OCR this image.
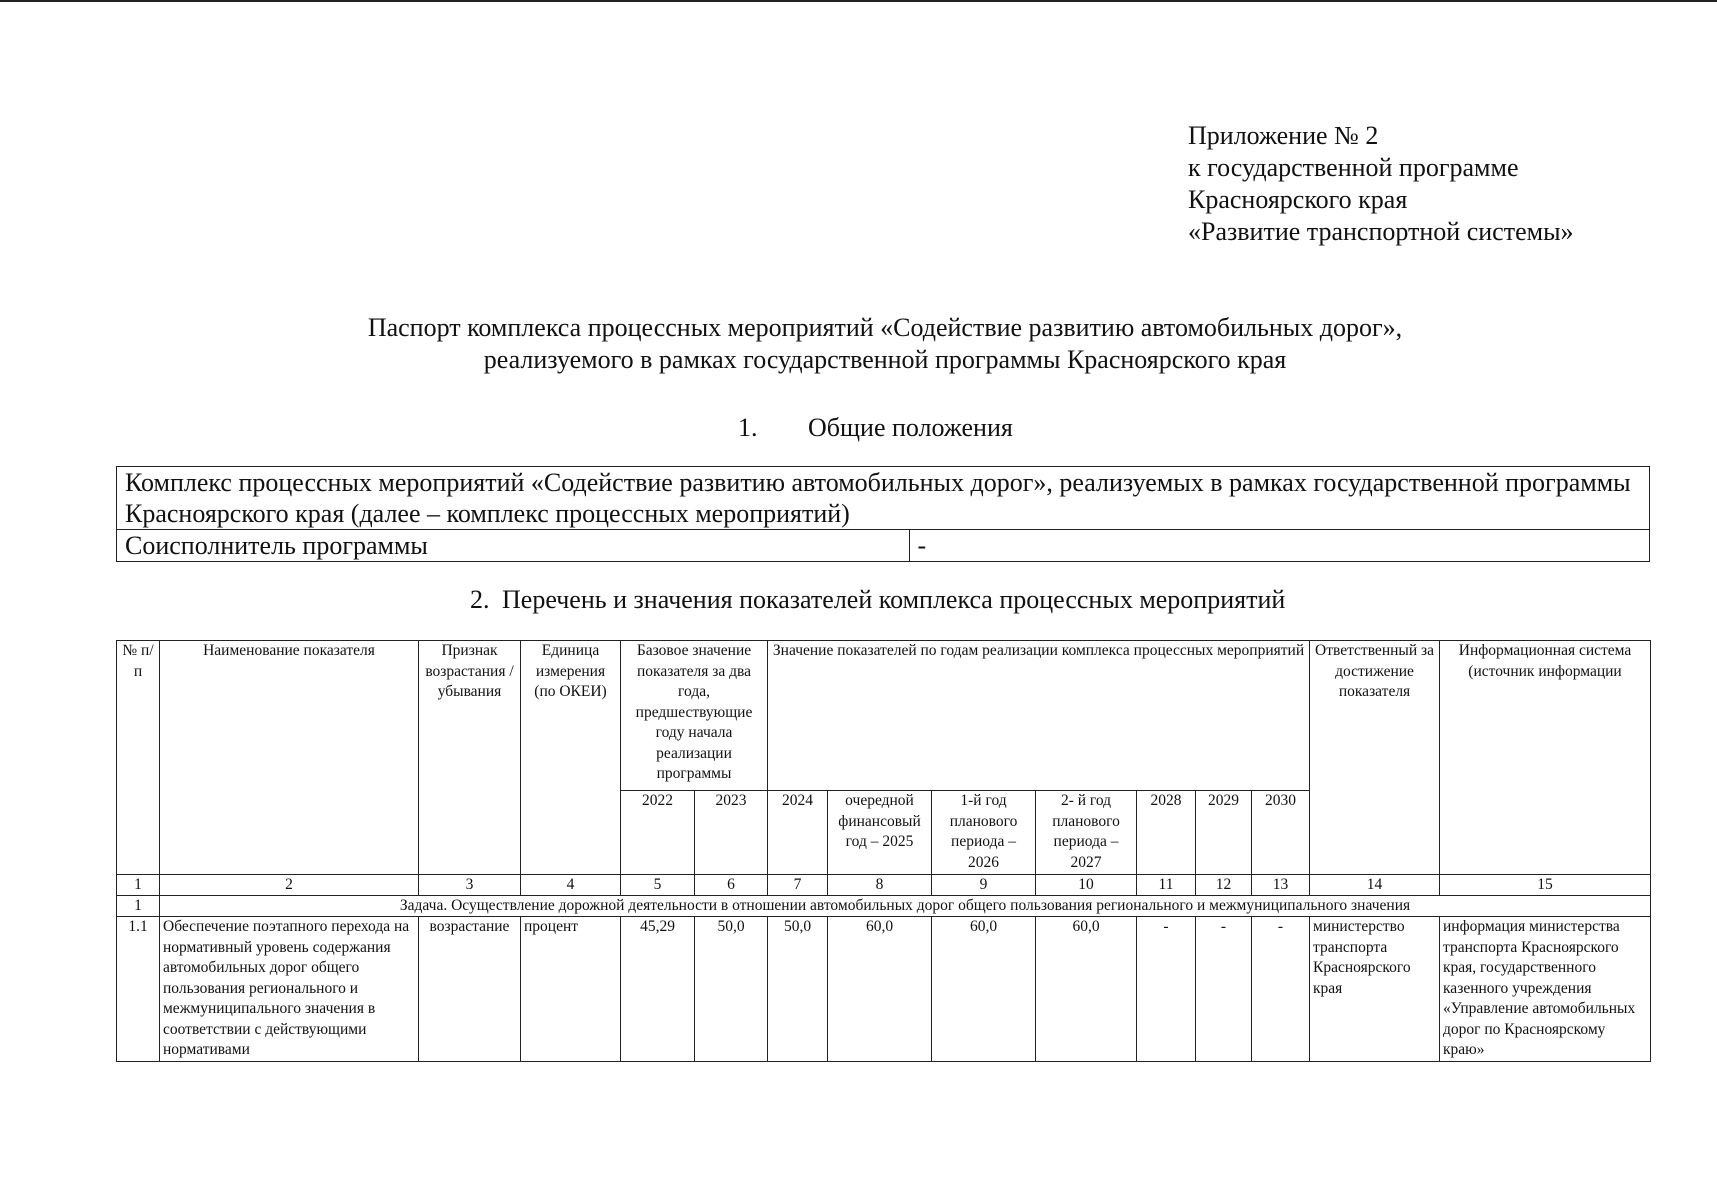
Приложение № 2
к государственной программе
Красноярского края
«Развитие транспортной системы»
Паспорт комплекса процессных мероприятий «Содействие развитию автомобильных дорог»,
реализуемого в рамках государственной программы Красноярского края
1. Общие положения
Комплекс процессных мероприятий «Содействие развитию автомобильных дорог», реализуемых в рамках государственной программы Красноярского края (далее – комплекс процессных мероприятий)
Соисполнитель программы	-
2. Перечень и значения показателей комплекса процессных мероприятий
№ п/п	Наименование показателя	Признак возрастания / убывания	Единица измерения (по ОКЕИ)	Базовое значение показателя за два года, предшествующие году начала реализации программы		Значение показателей по годам реализации комплекса процессных мероприятий							Ответственный за достижение показателя	Информационная система (источник информации
				2022	2023	2024	очередной финансовый год – 2025	1-й год планового периода – 2026	2- й год планового периода – 2027	2028	2029	2030		
1	2	3	4	5	6	7	8	9	10	11	12	13	14	15
1	Задача. Осуществление дорожной деятельности в отношении автомобильных дорог общего пользования регионального и межмуниципального значения													
1.1	Обеспечение поэтапного перехода на нормативный уровень содержания автомобильных дорог общего пользования регионального и межмуниципального значения в соответствии с действующими нормативами	возрастание	процент	45,29	50,0	50,0	60,0	60,0	60,0	-	-	-	министерство транспорта Красноярского края	информация министерства транспорта Красноярского края, государственного казенного учреждения «Управление автомобильных дорог по Красноярскому краю»
